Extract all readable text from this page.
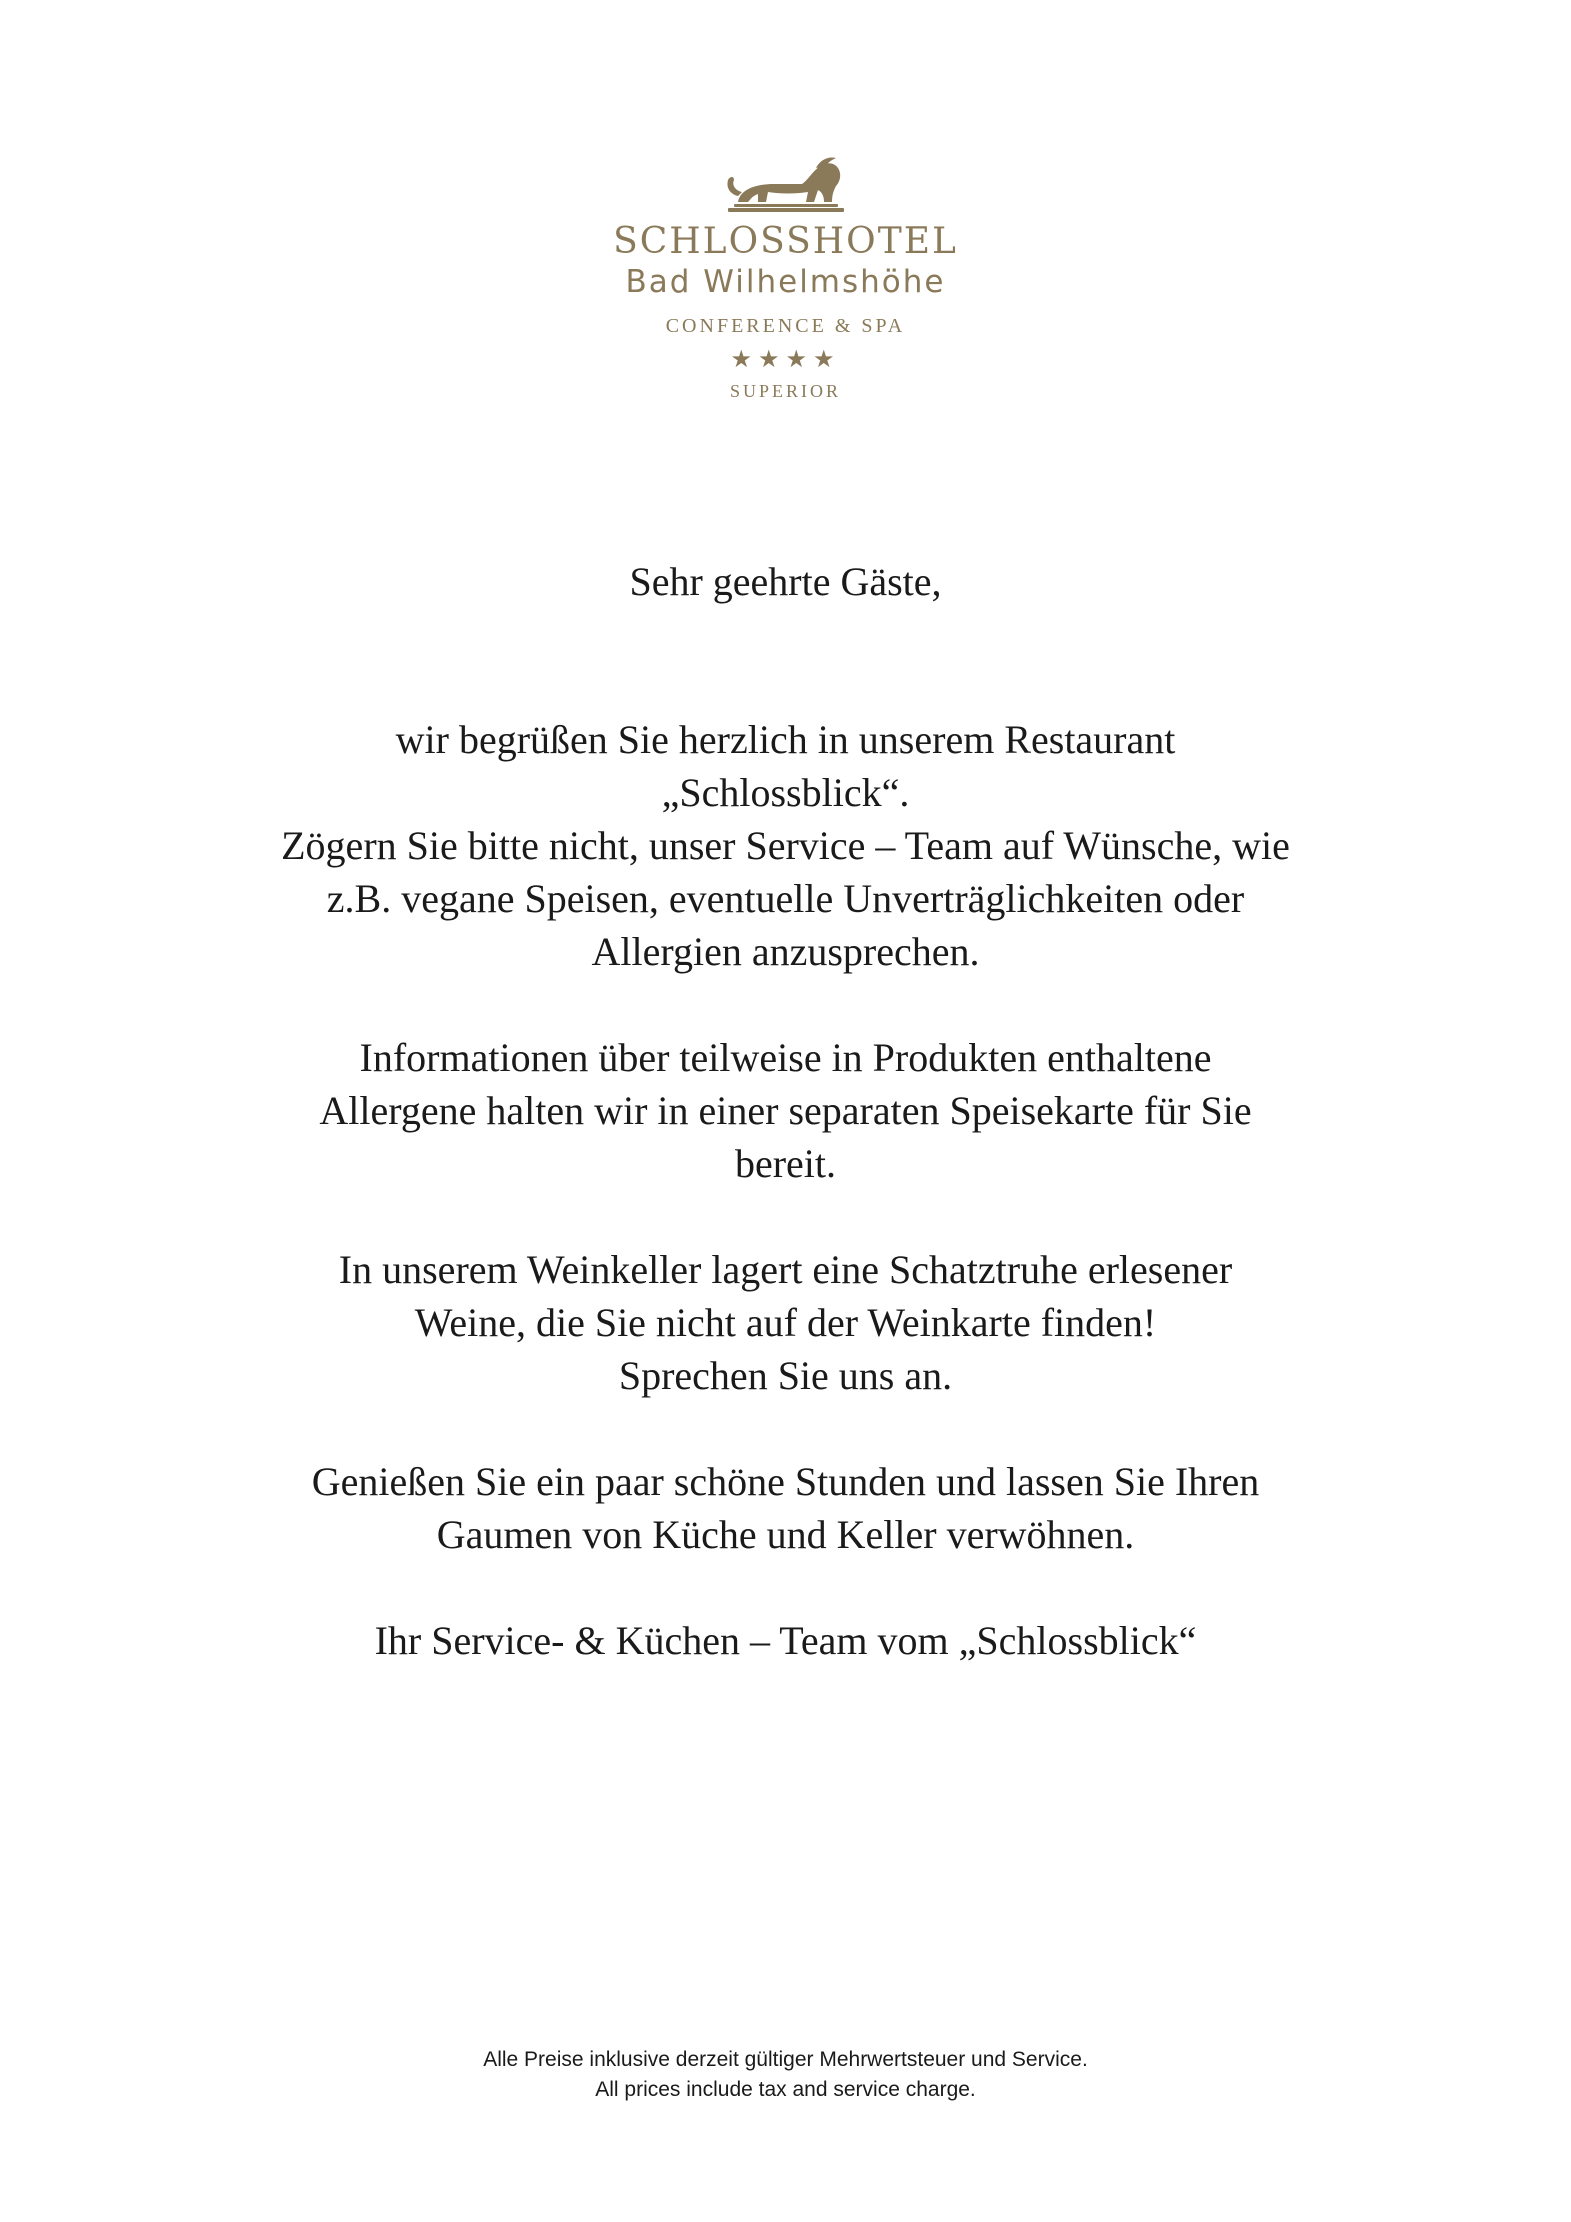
SCHLOSSHOTEL
Bad Wilhelmshöhe
CONFERENCE & SPA
★★★★
SUPERIOR

Sehr geehrte Gäste,

wir begrüßen Sie herzlich in unserem Restaurant
„Schlossblick“.
Zögern Sie bitte nicht, unser Service – Team auf Wünsche, wie
z.B. vegane Speisen, eventuelle Unverträglichkeiten oder
Allergien anzusprechen.

Informationen über teilweise in Produkten enthaltene
Allergene halten wir in einer separaten Speisekarte für Sie
bereit.

In unserem Weinkeller lagert eine Schatztruhe erlesener
Weine, die Sie nicht auf der Weinkarte finden!
Sprechen Sie uns an.

Genießen Sie ein paar schöne Stunden und lassen Sie Ihren
Gaumen von Küche und Keller verwöhnen.

Ihr Service- & Küchen – Team vom „Schlossblick“

Alle Preise inklusive derzeit gültiger Mehrwertsteuer und Service.
All prices include tax and service charge.
